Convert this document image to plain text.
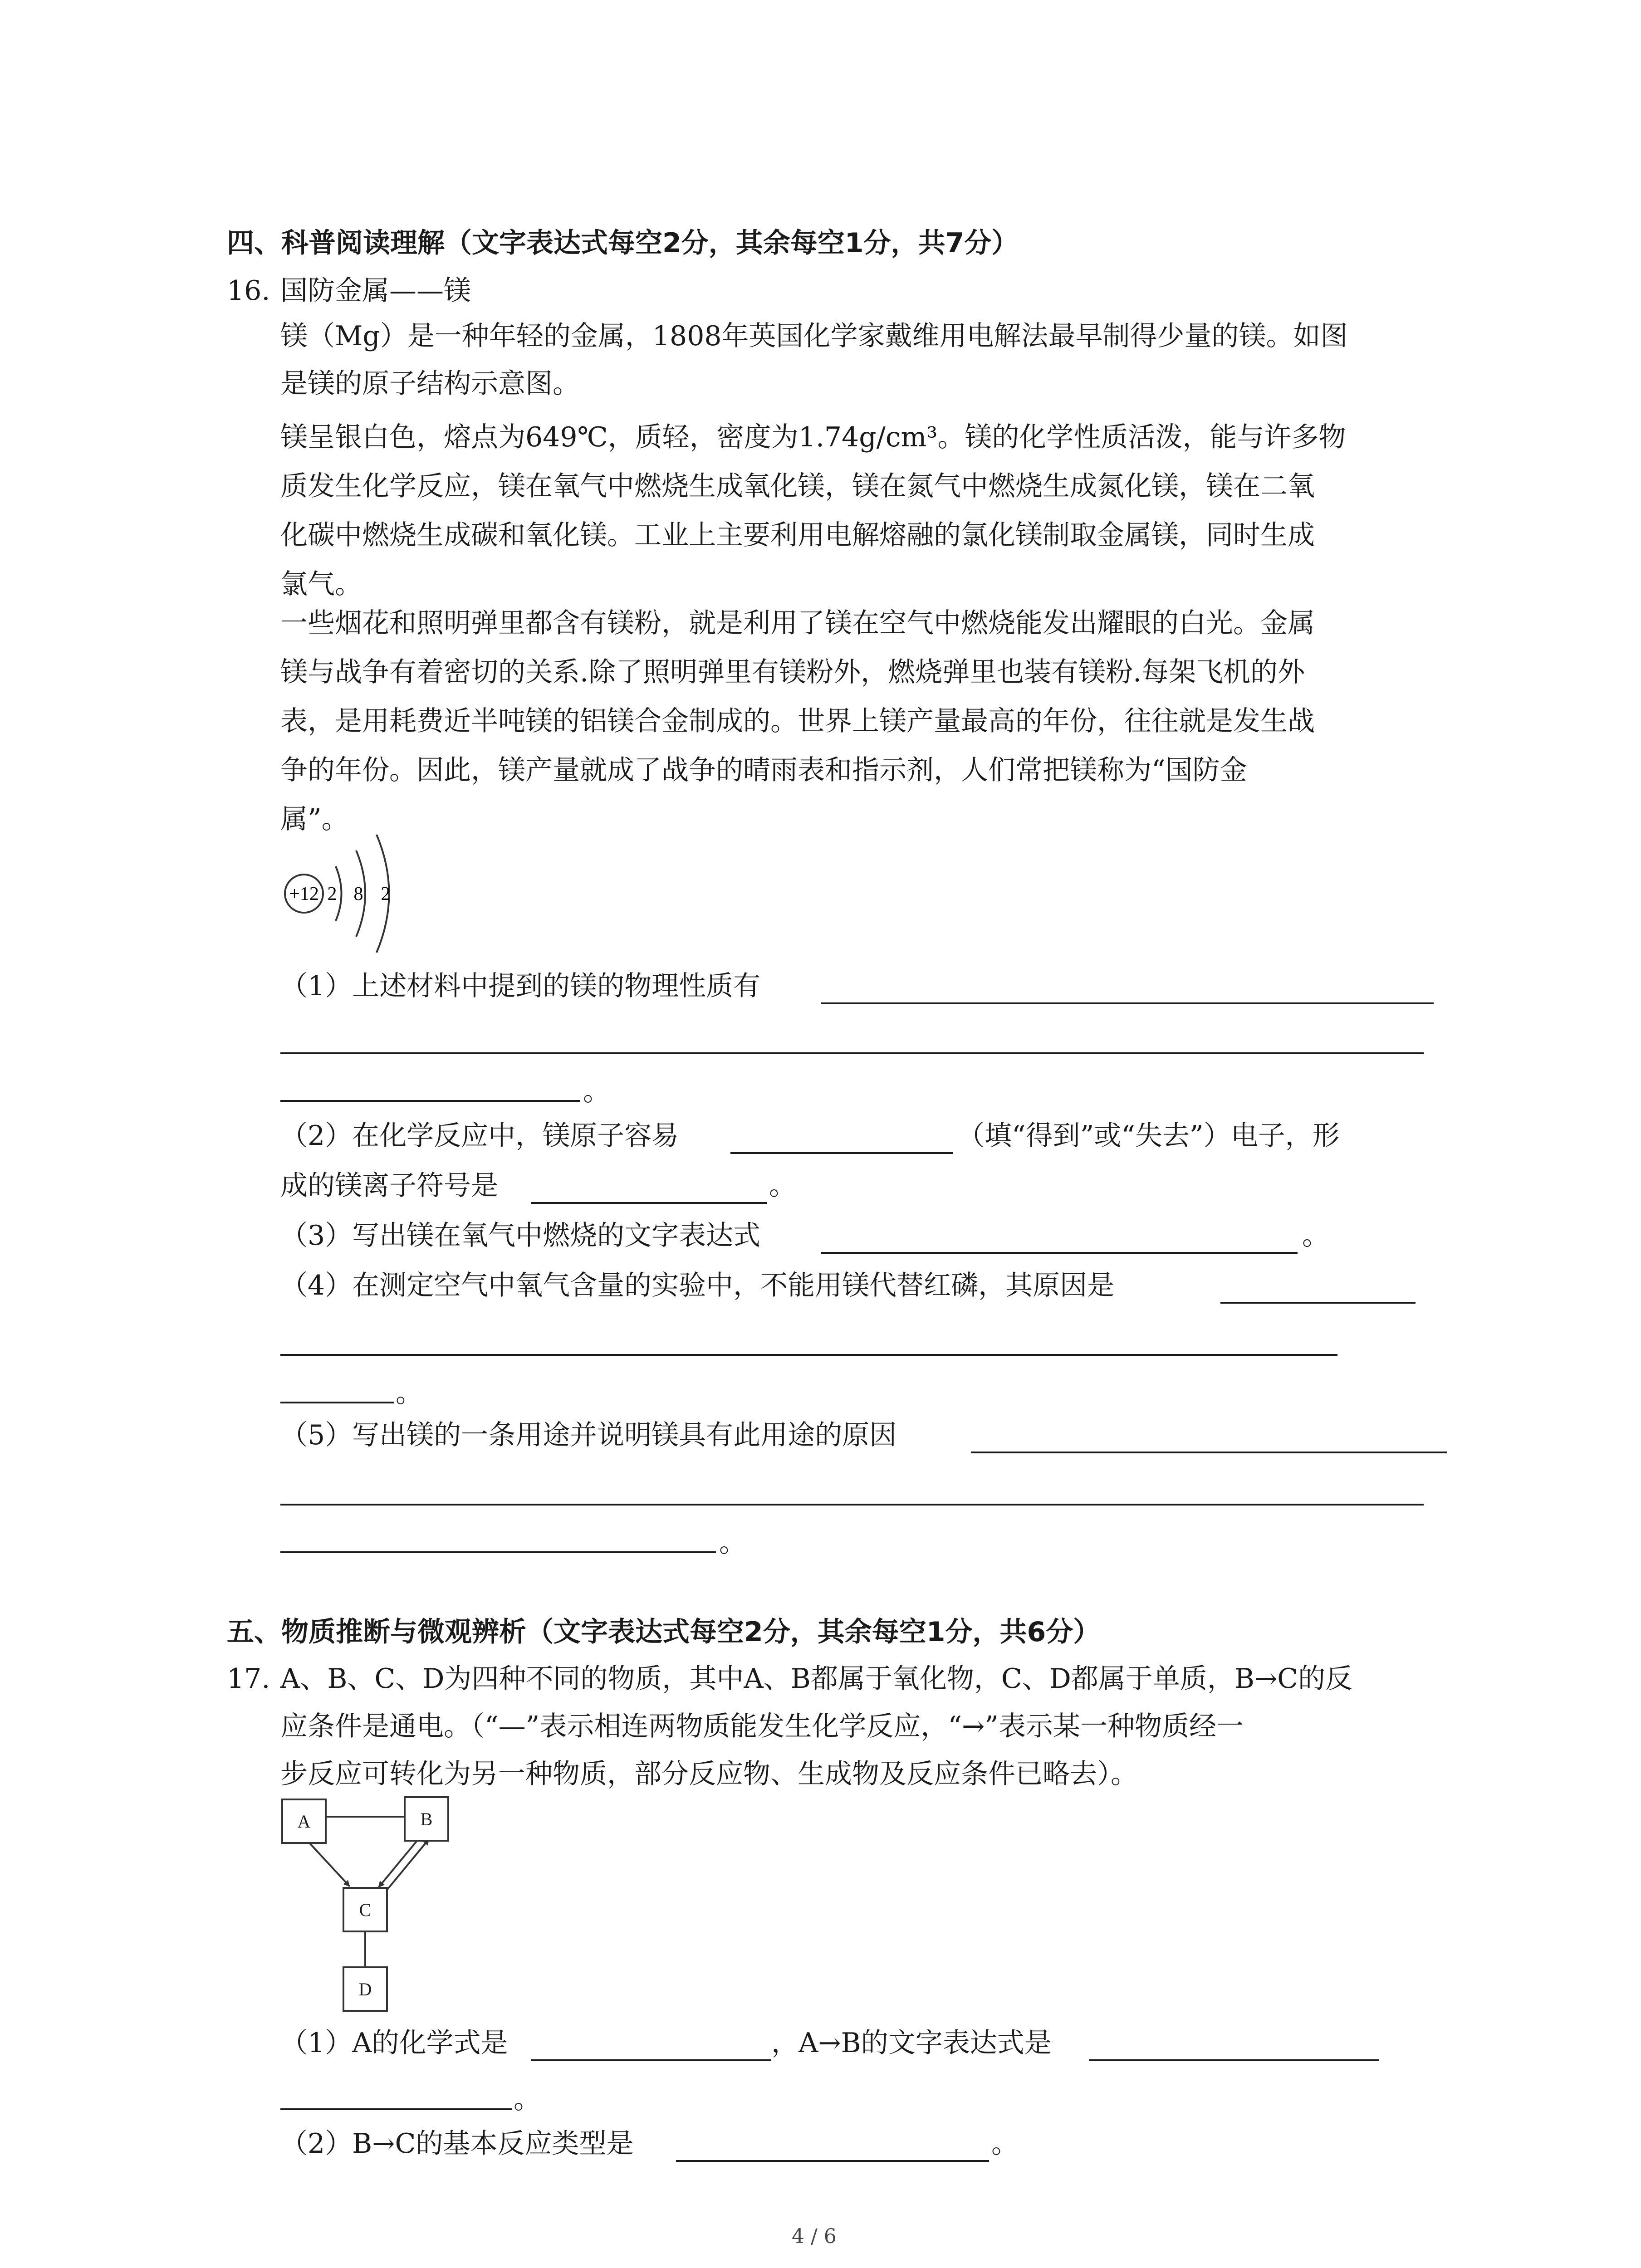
四、科普阅读理解（文字表达式每空2分，其余每空1分，共7分）
16. 国防金属——镁
镁（Mg）是一种年轻的金属，1808年英国化学家戴维用电解法最早制得少量的镁。如图
是镁的原子结构示意图。
镁呈银白色，熔点为649℃，质轻，密度为1.74g/cm³。镁的化学性质活泼，能与许多物
质发生化学反应，镁在氧气中燃烧生成氧化镁，镁在氮气中燃烧生成氮化镁，镁在二氧
化碳中燃烧生成碳和氧化镁。工业上主要利用电解熔融的氯化镁制取金属镁，同时生成
氯气。
一些烟花和照明弹里都含有镁粉，就是利用了镁在空气中燃烧能发出耀眼的白光。金属
镁与战争有着密切的关系.除了照明弹里有镁粉外，燃烧弹里也装有镁粉.每架飞机的外
表，是用耗费近半吨镁的铝镁合金制成的。世界上镁产量最高的年份，往往就是发生战
争的年份。因此，镁产量就成了战争的晴雨表和指示剂，人们常把镁称为“国防金
属”。
+12 2 8 2
（1）上述材料中提到的镁的物理性质有
。
（2）在化学反应中，镁原子容易	（填“得到”或“失去”）电子，形
成的镁离子符号是	。
（3）写出镁在氧气中燃烧的文字表达式	。
（4）在测定空气中氧气含量的实验中，不能用镁代替红磷，其原因是
。
（5）写出镁的一条用途并说明镁具有此用途的原因
。
五、物质推断与微观辨析（文字表达式每空2分，其余每空1分，共6分）
17. A、B、C、D为四种不同的物质，其中A、B都属于氧化物，C、D都属于单质，B→C的反
应条件是通电。（“—”表示相连两物质能发生化学反应，“→”表示某一种物质经一
步反应可转化为另一种物质，部分反应物、生成物及反应条件已略去）。
A	B
C
D
（1）A的化学式是	，A→B的文字表达式是
。
（2）B→C的基本反应类型是	。
4 / 6
